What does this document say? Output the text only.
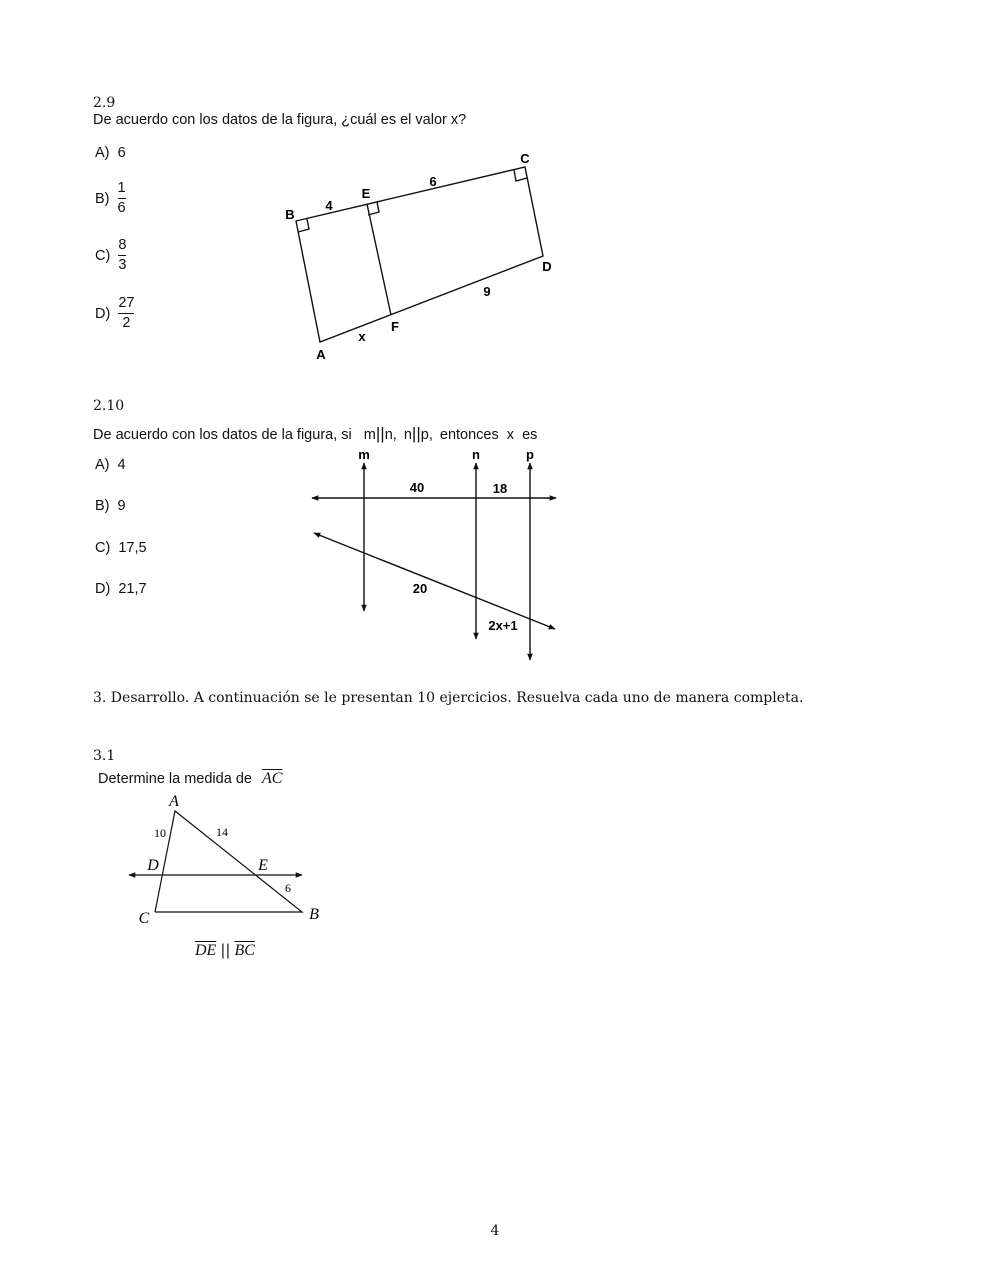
2.9
De acuerdo con los datos de la figura, ¿cuál es el valor x?
A) 6
$B) \frac{1}{6}$
$C) \frac{8}{3}$
$D) \frac{27}{2}$
B
C
D
A
E
F
4
6
9
x
2.10
De acuerdo con los datos de la figura, si m||n, n||p, entonces  x  es
A)  4
B)  9
C)  17,5
D)  21,7
m	n	p
40	18
20
2x+1
3. Desarrollo. A continuación se le presentan 10 ejercicios. Resuelva cada uno de manera completa.
3.1
Determine la medida de $\overline{AC}$
A
C	B
D	E
10	14
6
$\overline{DE}$ || $\overline{BC}$
4
